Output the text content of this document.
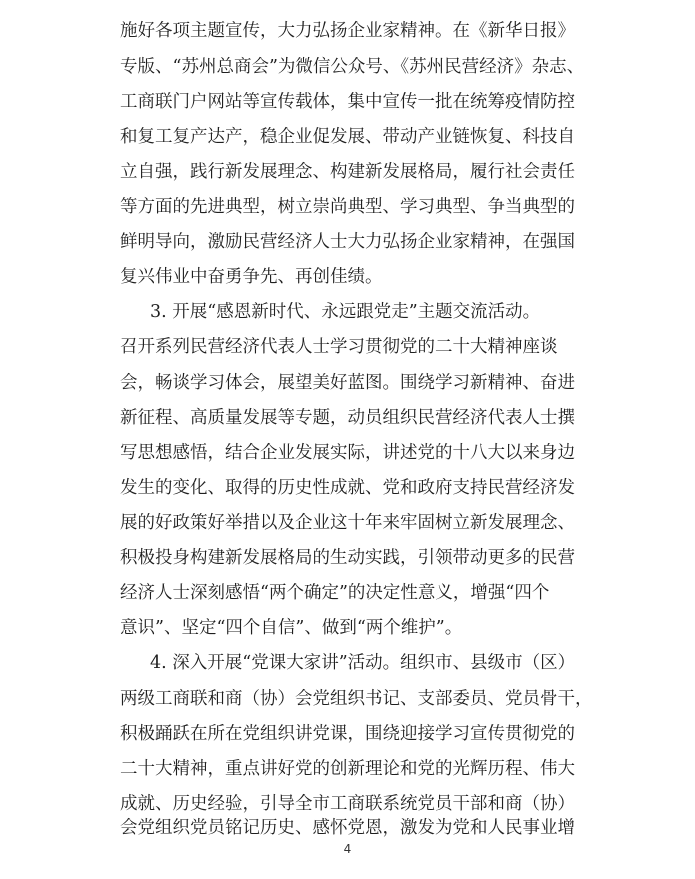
施好各项主题宣传，大力弘扬企业家精神。在《新华日报》
专版、“苏州总商会”为微信公众号、《苏州民营经济》杂志、
工商联门户网站等宣传载体，集中宣传一批在统筹疫情防控
和复工复产达产，稳企业促发展、带动产业链恢复、科技自
立自强，践行新发展理念、构建新发展格局，履行社会责任
等方面的先进典型，树立崇尚典型、学习典型、争当典型的
鲜明导向，激励民营经济人士大力弘扬企业家精神，在强国
复兴伟业中奋勇争先、再创佳绩。
3. 开展“感恩新时代、永远跟党走”主题交流活动。
召开系列民营经济代表人士学习贯彻党的二十大精神座谈
会，畅谈学习体会，展望美好蓝图。围绕学习新精神、奋进
新征程、高质量发展等专题，动员组织民营经济代表人士撰
写思想感悟，结合企业发展实际，讲述党的十八大以来身边
发生的变化、取得的历史性成就、党和政府支持民营经济发
展的好政策好举措以及企业这十年来牢固树立新发展理念、
积极投身构建新发展格局的生动实践，引领带动更多的民营
经济人士深刻感悟“两个确定”的决定性意义，增强“四个
意识”、坚定“四个自信”、做到“两个维护”。
4. 深入开展“党课大家讲”活动。组织市、县级市（区）
两级工商联和商（协）会党组织书记、支部委员、党员骨干，
积极踊跃在所在党组织讲党课，围绕迎接学习宣传贯彻党的
二十大精神，重点讲好党的创新理论和党的光辉历程、伟大
成就、历史经验，引导全市工商联系统党员干部和商（协）
会党组织党员铭记历史、感怀党恩，激发为党和人民事业增
4
